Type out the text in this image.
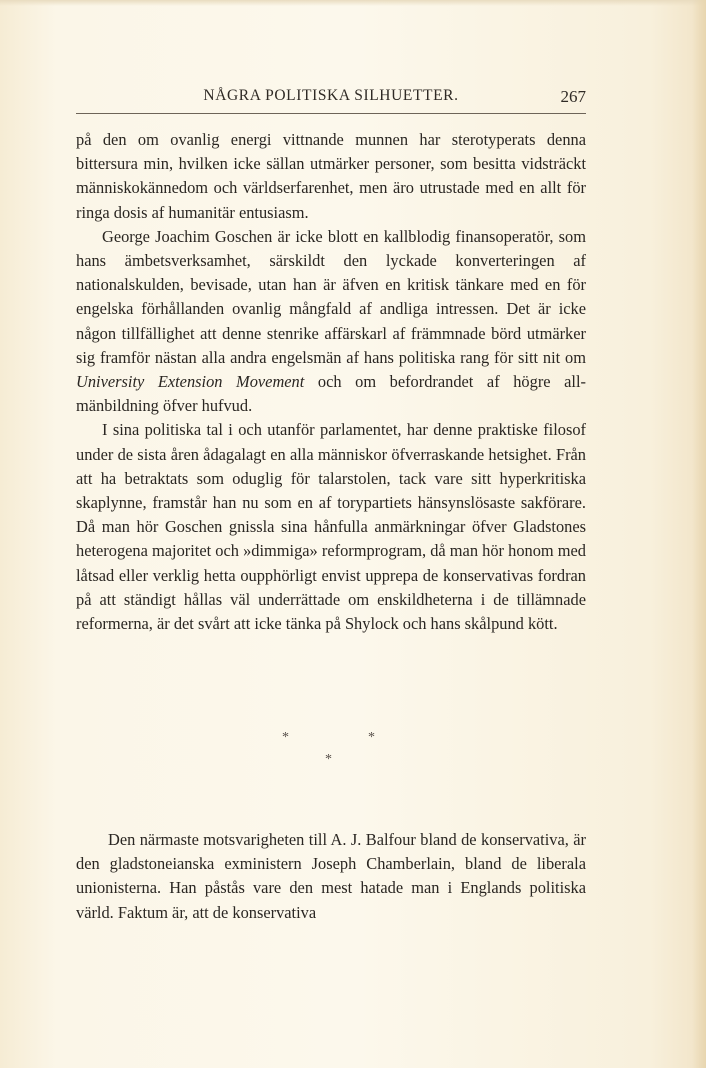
NÅGRA POLITISKA SILHUETTER.	267

på den om ovanlig energi vittnande munnen har sterotyperats denna bittersura min, hvilken icke sällan utmärker personer, som besitta vidsträckt människokännedom och världserfarenhet, men äro utrustade med en allt för ringa dosis af humanitär entusiasm.

George Joachim Goschen är icke blott en kallblodig finansoperatör, som hans ämbetsverksamhet, särskildt den lyckade konverteringen af nationalskulden, bevisade, utan han är äfven en kritisk tänkare med en för engelska förhållanden ovanlig mångfald af andliga intressen. Det är icke någon tillfällighet att denne stenrike affärskarl af främmnade börd utmärker sig framför nästan alla andra engelsmän af hans politiska rang för sitt nit om University Extension Movement och om befordrandet af högre allmänbildning öfver hufvud.

I sina politiska tal i och utanför parlamentet, har denne praktiske filosof under de sista åren ådagalagt en alla människor öfverraskande hetsighet. Från att ha betraktats som oduglig för talarstolen, tack vare sitt hyperkritiska skaplynne, framstår han nu som en af torypartiets hänsynslösaste sakförare. Då man hör Goschen gnissla sina hånfulla anmärkningar öfver Gladstones heterogena majoritet och »dimmiga» reformprogram, då man hör honom med låtsad eller verklig hetta oupphörligt envist upprepa de konservativas fordran på att ständigt hållas väl underrättade om enskildheterna i de tillämnade reformerna, är det svårt att icke tänka på Shylock och hans skålpund kött.

*	*
*

Den närmaste motsvarigheten till A. J. Balfour bland de konservativa, är den gladstoneianska exministern Joseph Chamberlain, bland de liberala unionisterna. Han påstås vare den mest hatade man i Englands politiska värld. Faktum är, att de konservativa
